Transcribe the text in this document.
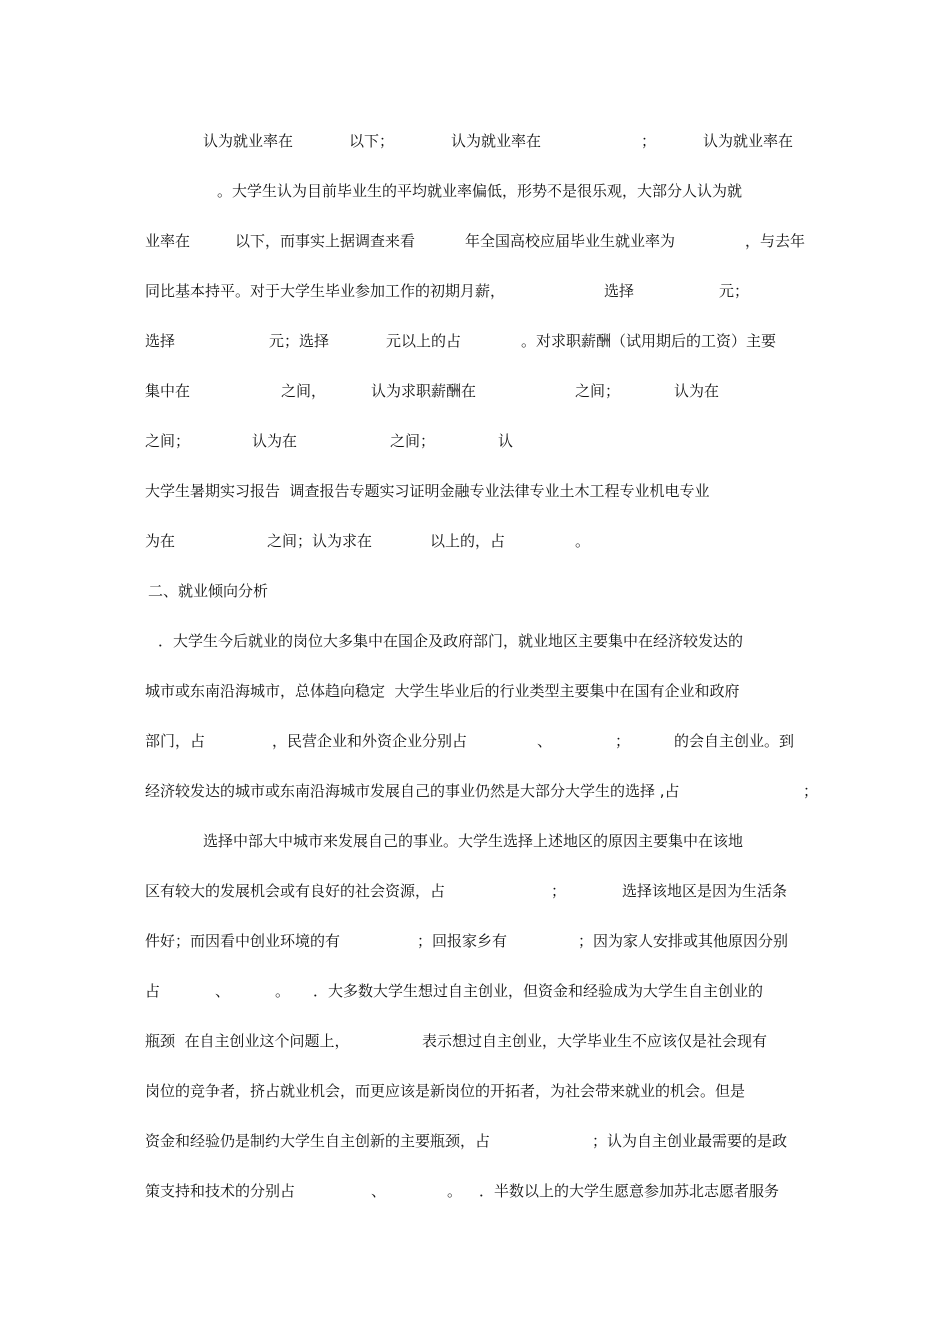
认为就业率在

	以下；

	认为就业率在

	；

	认为就业率在

。大学生认为目前毕业生的平均就业率偏低，形势不是很乐观，大部分人认为就

业率在

	以下，而事实上据调查来看

	年全国高校应届毕业生就业率为

	，与去年

同比基本持平。对于大学生毕业参加工作的初期月薪，

	选择

	元；

选择

	元；选择

	元以上的占

	。对求职薪酬（试用期后的工资）主要

集中在

	之间，

	认为求职薪酬在

	之间；

	认为在

之间；

	认为在

	之间；

	认

大学生暑期实习报告  调查报告专题实习证明金融专业法律专业土木工程专业机电专业

为在

	之间；认为求在

	以上的，占

	。

二、就业倾向分析

．大学生今后就业的岗位大多集中在国企及政府部门，就业地区主要集中在经济较发达的

城市或东南沿海城市，总体趋向稳定  大学生毕业后的行业类型主要集中在国有企业和政府

部门，占

	，民营企业和外资企业分别占

	、

	；

	的会自主创业。到

经济较发达的城市或东南沿海城市发展自己的事业仍然是大部分大学生的选择 ,占

	；

选择中部大中城市来发展自己的事业。大学生选择上述地区的原因主要集中在该地

区有较大的发展机会或有良好的社会资源，占

	；

	选择该地区是因为生活条

件好；而因看中创业环境的有

	；回报家乡有

	；因为家人安排或其他原因分别

占

	、

	。

．大多数大学生想过自主创业，但资金和经验成为大学生自主创业的

瓶颈  在自主创业这个问题上，

	表示想过自主创业，大学毕业生不应该仅是社会现有

岗位的竞争者，挤占就业机会，而更应该是新岗位的开拓者，为社会带来就业的机会。但是

资金和经验仍是制约大学生自主创新的主要瓶颈，占

	；认为自主创业最需要的是政

策支持和技术的分别占

	、

	。

．半数以上的大学生愿意参加苏北志愿者服务
